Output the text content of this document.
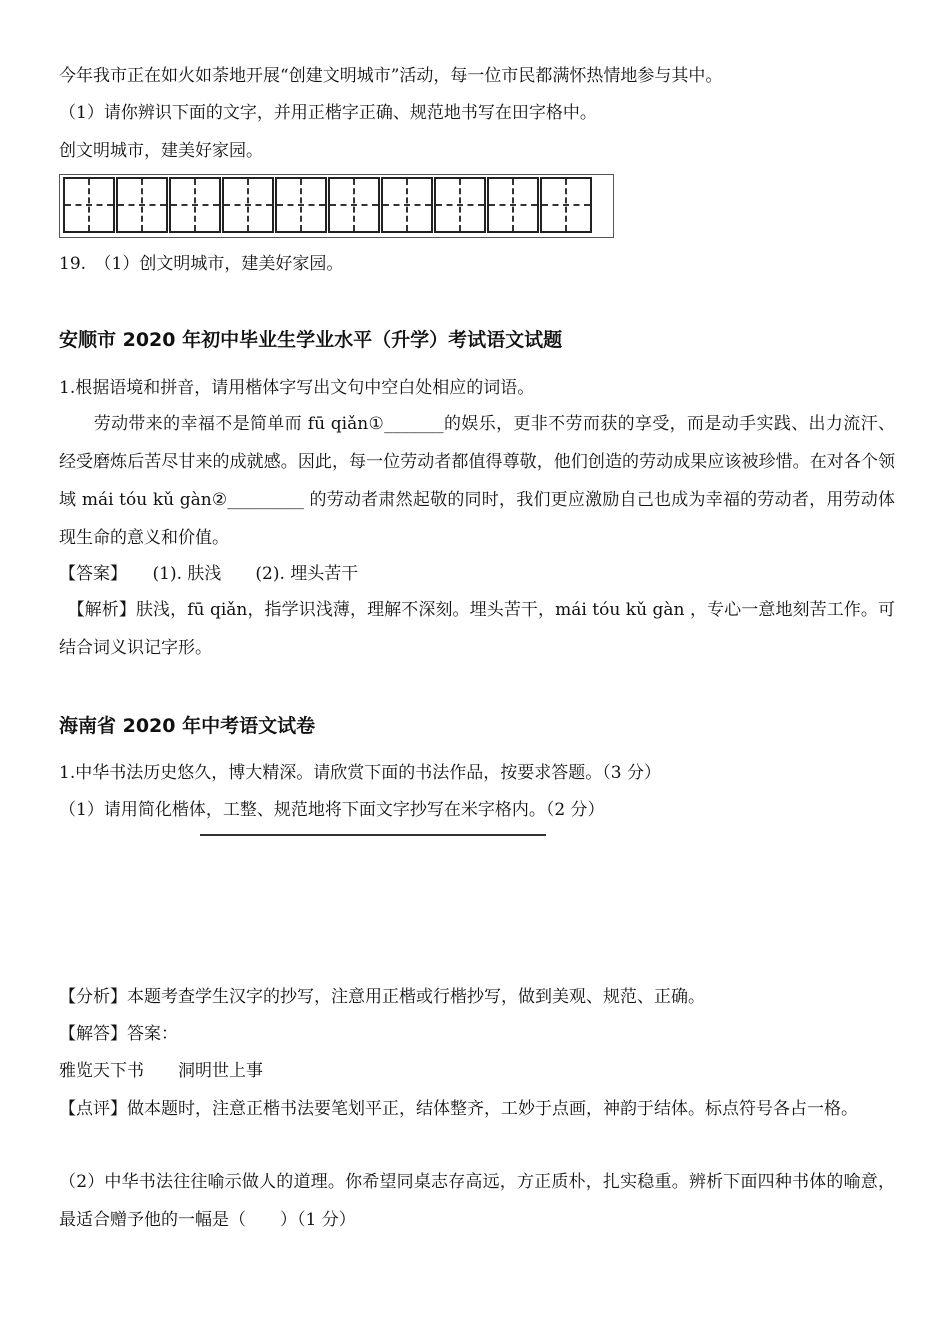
今年我市正在如火如荼地开展“创建文明城市”活动，每一位市民都满怀热情地参与其中。
（1）请你辨识下面的文字，并用正楷字正确、规范地书写在田字格中。
创文明城市，建美好家园。
19.　（1）创文明城市，建美好家园。
安顺市 2020 年初中毕业生学业水平（升学）考试语文试题
1.根据语境和拼音，请用楷体字写出文句中空白处相应的词语。
　　劳动带来的幸福不是简单而 fū qiǎn①_______的娱乐，更非不劳而获的享受，而是动手实践、出力流汗、经受磨炼后苦尽甘来的成就感。因此，每一位劳动者都值得尊敬，他们创造的劳动成果应该被珍惜。在对各个领域 mái tóu kǔ gàn②_________ 的劳动者肃然起敬的同时，我们更应激励自己也成为幸福的劳动者，用劳动体现生命的意义和价值。
【答案】　　(1). 肤浅　　(2). 埋头苦干
　【解析】肤浅，fū qiǎn，指学识浅薄，理解不深刻。埋头苦干，mái tóu kǔ gàn ，专心一意地刻苦工作。可结合词义识记字形。
海南省 2020 年中考语文试卷
1.中华书法历史悠久，博大精深。请欣赏下面的书法作品，按要求答题。（3 分）
（1）请用简化楷体，工整、规范地将下面文字抄写在米字格内。（2 分）
【分析】本题考查学生汉字的抄写，注意用正楷或行楷抄写，做到美观、规范、正确。
【解答】答案：
雅览天下书　　洞明世上事
【点评】做本题时，注意正楷书法要笔划平正，结体整齐，工妙于点画，神韵于结体。标点符号各占一格。
（2）中华书法往往喻示做人的道理。你希望同桌志存高远，方正质朴，扎实稳重。辨析下面四种书体的喻意，最适合赠予他的一幅是（　　）（1 分）
